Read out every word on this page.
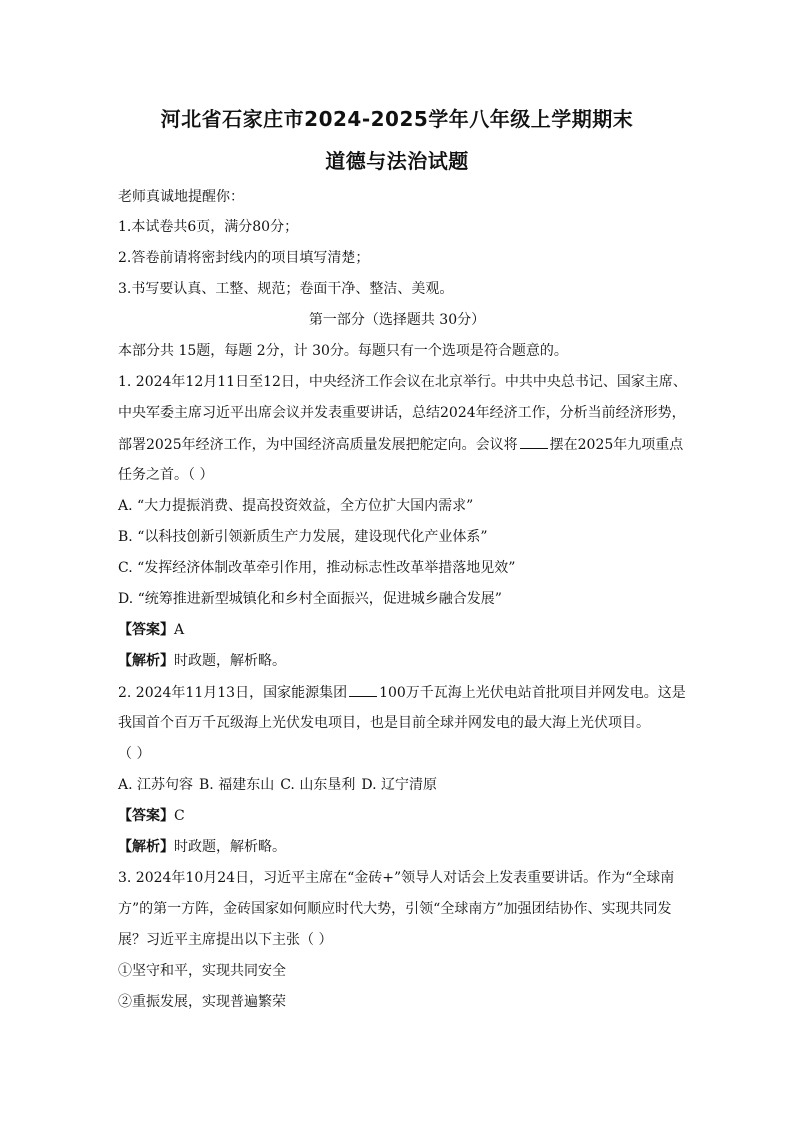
河北省石家庄市2024-2025学年八年级上学期期末
道德与法治试题
老师真诚地提醒你：
1.本试卷共6页，满分80分；
2.答卷前请将密封线内的项目填写清楚；
3.书写要认真、工整、规范；卷面干净、整洁、美观。
第一部分（选择题共 30分）
本部分共 15题，每题 2分，计 30分。每题只有一个选项是符合题意的。
1. 2024年12月11日至12日，中央经济工作会议在北京举行。中共中央总书记、国家主席、
中央军委主席习近平出席会议并发表重要讲话，总结2024年经济工作，分析当前经济形势，
部署2025年经济工作，为中国经济高质量发展把舵定向。会议将 摆在2025年九项重点
任务之首。（ ）
A. “大力提振消费、提高投资效益，全方位扩大国内需求”
B. “以科技创新引领新质生产力发展，建设现代化产业体系”
C. “发挥经济体制改革牵引作用，推动标志性改革举措落地见效”
D. “统筹推进新型城镇化和乡村全面振兴，促进城乡融合发展”
【答案】A
【解析】时政题，解析略。
2. 2024年11月13日，国家能源集团 100万千瓦海上光伏电站首批项目并网发电。这是
我国首个百万千瓦级海上光伏发电项目，也是目前全球并网发电的最大海上光伏项目。
（ ）
A. 江苏句容 B. 福建东山 C. 山东垦利 D. 辽宁清原
【答案】C
【解析】时政题，解析略。
3. 2024年10月24日，习近平主席在“金砖+”领导人对话会上发表重要讲话。作为“全球南
方”的第一方阵，金砖国家如何顺应时代大势，引领“全球南方”加强团结协作、实现共同发
展？习近平主席提出以下主张（ ）
①坚守和平，实现共同安全
②重振发展，实现普遍繁荣
